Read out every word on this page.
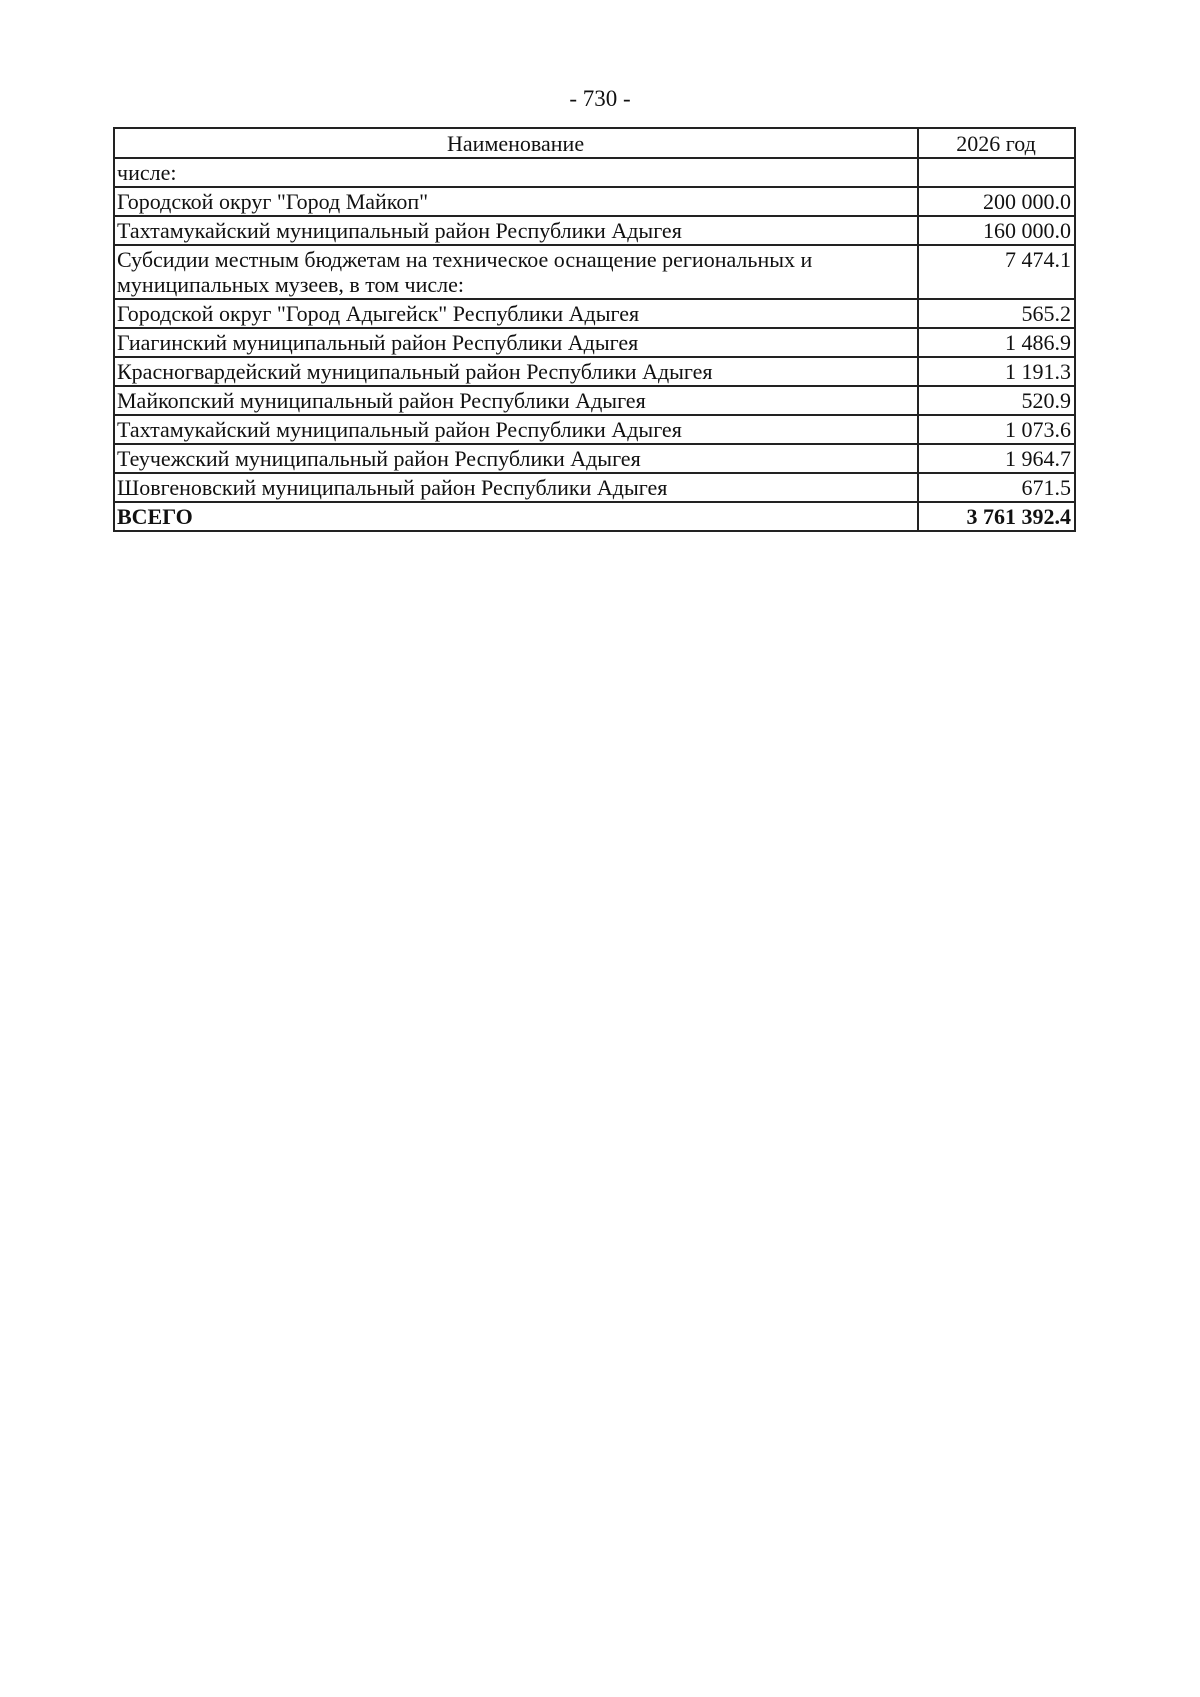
- 730 -
Наименование	2026 год
числе:	
Городской округ "Город Майкоп"	200 000.0
Тахтамукайский муниципальный район Республики Адыгея	160 000.0
Субсидии местным бюджетам на техническое оснащение региональных и муниципальных музеев, в том числе:	7 474.1
Городской округ "Город Адыгейск" Республики Адыгея	565.2
Гиагинский муниципальный район Республики Адыгея	1 486.9
Красногвардейский муниципальный район Республики Адыгея	1 191.3
Майкопский муниципальный район Республики Адыгея	520.9
Тахтамукайский муниципальный район Республики Адыгея	1 073.6
Теучежский муниципальный район Республики Адыгея	1 964.7
Шовгеновский муниципальный район Республики Адыгея	671.5
ВСЕГО	3 761 392.4
